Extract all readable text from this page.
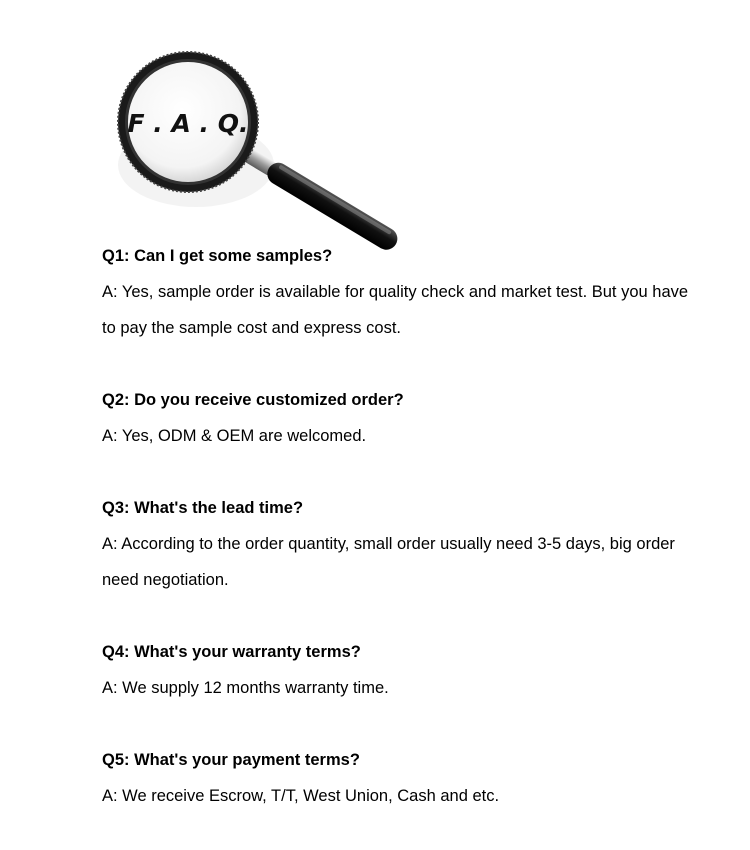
F . A . Q.

Q1: Can I get some samples?

A: Yes, sample order is available for quality check and market test. But you have to pay the sample cost and express cost.

Q2: Do you receive customized order?

A: Yes, ODM & OEM are welcomed.

Q3: What's the lead time?

A: According to the order quantity, small order usually need 3-5 days, big order need negotiation.

Q4: What's your warranty terms?

A: We supply 12 months warranty time.

Q5: What's your payment terms?

A: We receive Escrow, T/T, West Union, Cash and etc.
